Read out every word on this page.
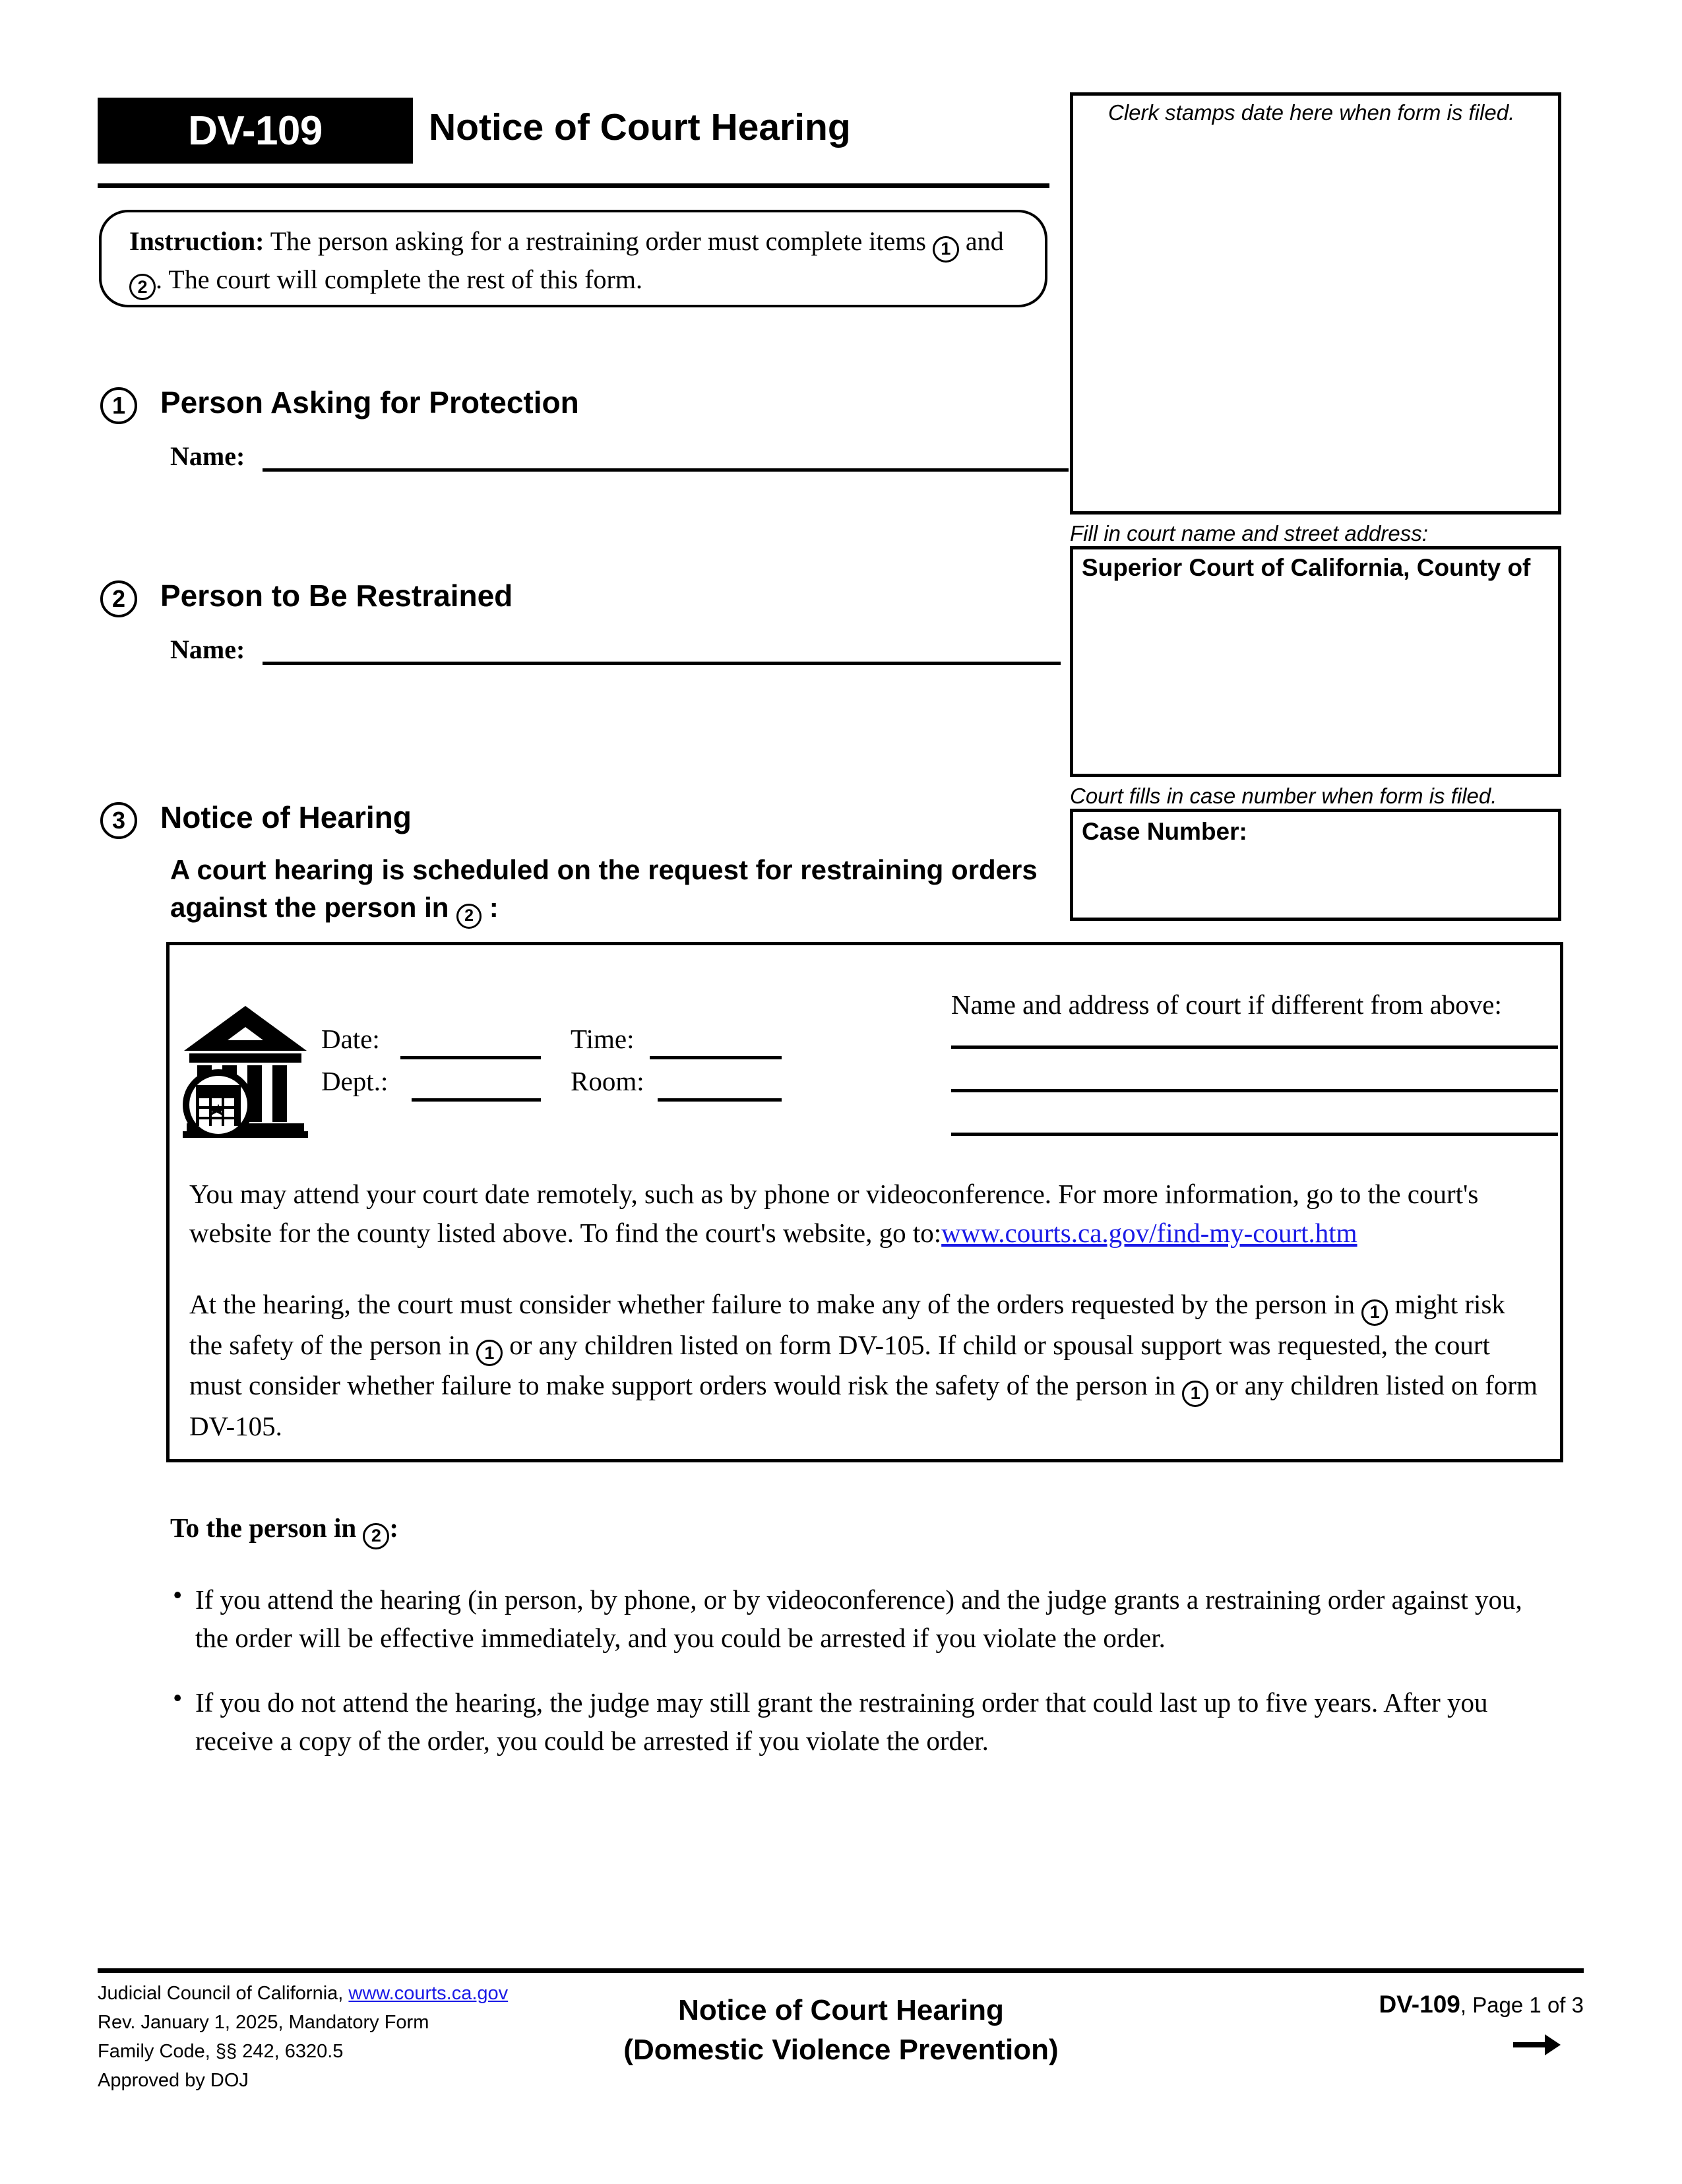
DV-109	Notice of Court Hearing
Instruction: The person asking for a restraining order must complete items 1 and 2 . The court will complete the rest of this form.
1	Person Asking for Protection
Name:
2	Person to Be Restrained
Name:
3	Notice of Hearing
A court hearing is scheduled on the request for restraining orders against the person in 2 :
Clerk stamps date here when form is filed.
Fill in court name and street address:
Superior Court of California, County of
Court fills in case number when form is filed.
Case Number:
Name and address of court if different from above:
Date:	Time:
Dept.:	Room:
You may attend your court date remotely, such as by phone or videoconference. For more information, go to the court's website for the county listed above. To find the court's website, go to:www.courts.ca.gov/find-my-court.htm
At the hearing, the court must consider whether failure to make any of the orders requested by the person in 1 might risk the safety of the person in 1 or any children listed on form DV-105. If child or spousal support was requested, the court must consider whether failure to make support orders would risk the safety of the person in 1 or any children listed on form DV-105.
To the person in 2 :
• If you attend the hearing (in person, by phone, or by videoconference) and the judge grants a restraining order against you, the order will be effective immediately, and you could be arrested if you violate the order.
• If you do not attend the hearing, the judge may still grant the restraining order that could last up to five years. After you receive a copy of the order, you could be arrested if you violate the order.
Judicial Council of California, www.courts.ca.gov
Rev. January 1, 2025, Mandatory Form
Family Code, §§ 242, 6320.5
Approved by DOJ
Notice of Court Hearing
(Domestic Violence Prevention)
DV-109, Page 1 of 3
